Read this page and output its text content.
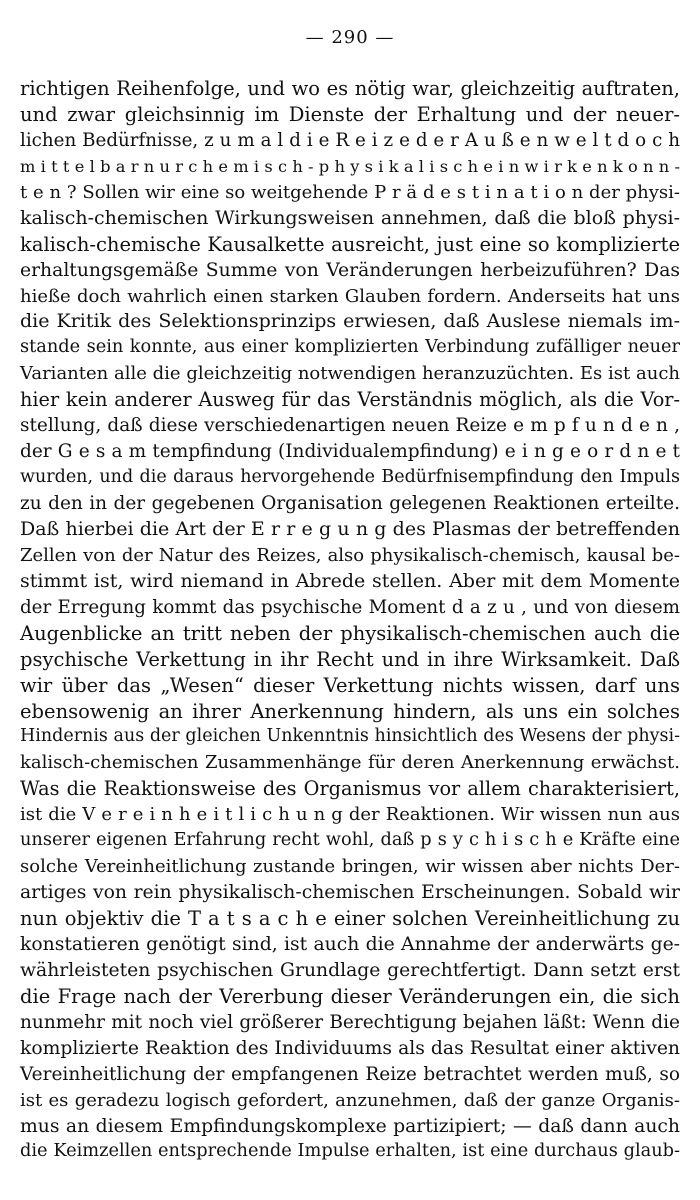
— 290 —
richtigen Reihenfolge, und wo es nötig war, gleichzeitig auftraten,
und zwar gleichsinnig im Dienste der Erhaltung und der neuer-
lichen Bedürfnisse, z u m a l d i e R e i z e d e r A u ß e n w e l t d o c h
m i t t e l b a r n u r c h e m i s c h - p h y s i k a l i s c h e i n w i r k e n k o n n -
t e n ? Sollen wir eine so weitgehende P r ä d e s t i n a t i o n der physi-
kalisch-chemischen Wirkungsweisen annehmen, daß die bloß physi-
kalisch-chemische Kausalkette ausreicht, just eine so komplizierte
erhaltungsgemäße Summe von Veränderungen herbeizuführen? Das
hieße doch wahrlich einen starken Glauben fordern. Anderseits hat uns
die Kritik des Selektionsprinzips erwiesen, daß Auslese niemals im-
stande sein konnte, aus einer komplizierten Verbindung zufälliger neuer
Varianten alle die gleichzeitig notwendigen heranzuzüchten. Es ist auch
hier kein anderer Ausweg für das Verständnis möglich, als die Vor-
stellung, daß diese verschiedenartigen neuen Reize e m p f u n d e n ,
der G e s a m tempfindung (Individualempfindung) e i n g e o r d n e t
wurden, und die daraus hervorgehende Bedürfnisempfindung den Impuls
zu den in der gegebenen Organisation gelegenen Reaktionen erteilte.
Daß hierbei die Art der E r r e g u n g des Plasmas der betreffenden
Zellen von der Natur des Reizes, also physikalisch-chemisch, kausal be-
stimmt ist, wird niemand in Abrede stellen. Aber mit dem Momente
der Erregung kommt das psychische Moment d a z u , und von diesem
Augenblicke an tritt neben der physikalisch-chemischen auch die
psychische Verkettung in ihr Recht und in ihre Wirksamkeit. Daß
wir über das „Wesen“ dieser Verkettung nichts wissen, darf uns
ebensowenig an ihrer Anerkennung hindern, als uns ein solches
Hindernis aus der gleichen Unkenntnis hinsichtlich des Wesens der physi-
kalisch-chemischen Zusammenhänge für deren Anerkennung erwächst.
Was die Reaktionsweise des Organismus vor allem charakterisiert,
ist die V e r e i n h e i t l i c h u n g der Reaktionen. Wir wissen nun aus
unserer eigenen Erfahrung recht wohl, daß p s y c h i s c h e Kräfte eine
solche Vereinheitlichung zustande bringen, wir wissen aber nichts Der-
artiges von rein physikalisch-chemischen Erscheinungen. Sobald wir
nun objektiv die T a t s a c h e einer solchen Vereinheitlichung zu
konstatieren genötigt sind, ist auch die Annahme der anderwärts ge-
währleisteten psychischen Grundlage gerechtfertigt. Dann setzt erst
die Frage nach der Vererbung dieser Veränderungen ein, die sich
nunmehr mit noch viel größerer Berechtigung bejahen läßt: Wenn die
komplizierte Reaktion des Individuums als das Resultat einer aktiven
Vereinheitlichung der empfangenen Reize betrachtet werden muß, so
ist es geradezu logisch gefordert, anzunehmen, daß der ganze Organis-
mus an diesem Empfindungskomplexe partizipiert; — daß dann auch
die Keimzellen entsprechende Impulse erhalten, ist eine durchaus glaub-
